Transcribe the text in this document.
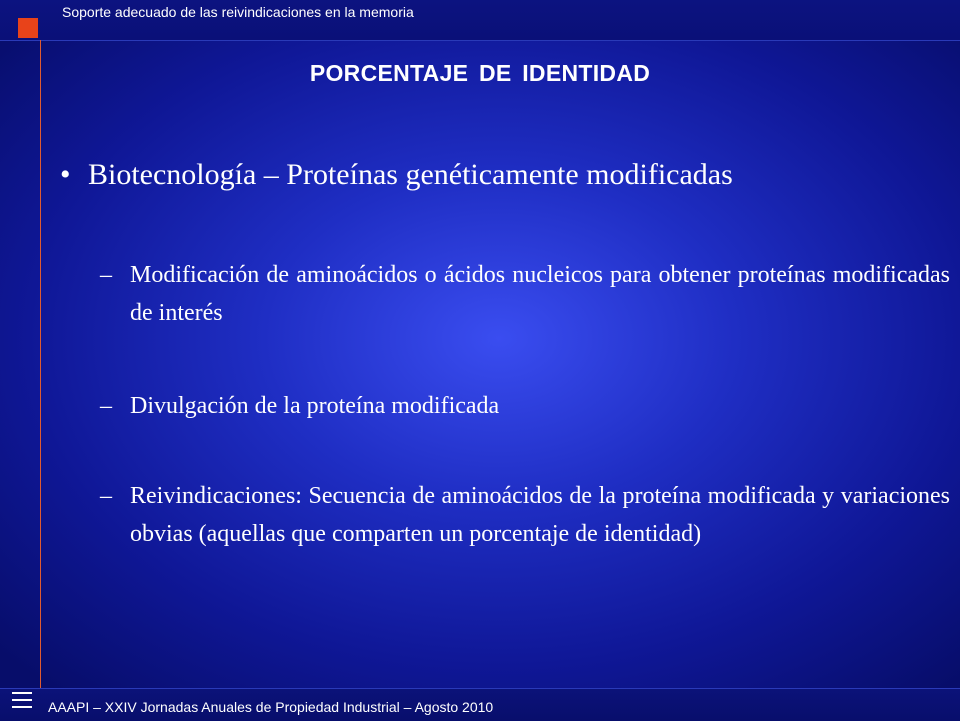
Soporte adecuado de las reivindicaciones en la memoria
PORCENTAJE DE IDENTIDAD
• Biotecnología – Proteínas genéticamente modificadas
– Modificación de aminoácidos o ácidos nucleicos para obtener proteínas modificadas de interés
– Divulgación de la proteína modificada
– Reivindicaciones: Secuencia de aminoácidos de la proteína modificada y variaciones obvias (aquellas que comparten un porcentaje de identidad)
AAAPI – XXIV Jornadas Anuales de Propiedad Industrial – Agosto 2010
